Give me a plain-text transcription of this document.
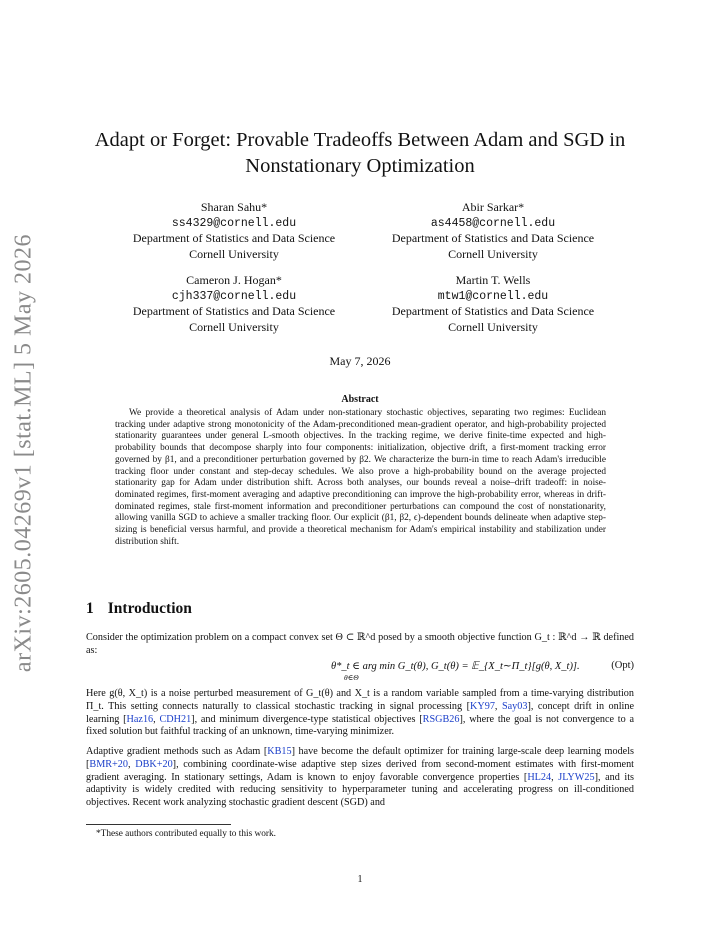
arXiv:2605.04269v1 [stat.ML] 5 May 2026
Adapt or Forget: Provable Tradeoffs Between Adam and SGD in Nonstationary Optimization
Sharan Sahu*
ss4329@cornell.edu
Department of Statistics and Data Science
Cornell University
Abir Sarkar*
as4458@cornell.edu
Department of Statistics and Data Science
Cornell University
Cameron J. Hogan*
cjh337@cornell.edu
Department of Statistics and Data Science
Cornell University
Martin T. Wells
mtw1@cornell.edu
Department of Statistics and Data Science
Cornell University
May 7, 2026
Abstract
We provide a theoretical analysis of Adam under non-stationary stochastic objectives, separating two regimes: Euclidean tracking under adaptive strong monotonicity of the Adam-preconditioned mean-gradient operator, and high-probability projected stationarity guarantees under general L-smooth objectives. In the tracking regime, we derive finite-time expected and high-probability bounds that decompose sharply into four components: initialization, objective drift, a first-moment tracking error governed by β1, and a preconditioner perturbation governed by β2. We characterize the burn-in time to reach Adam's irreducible tracking floor under constant and step-decay schedules. We also prove a high-probability bound on the average projected stationarity gap for Adam under distribution shift. Across both analyses, our bounds reveal a noise–drift tradeoff: in noise-dominated regimes, first-moment averaging and adaptive preconditioning can improve the high-probability error, whereas in drift-dominated regimes, stale first-moment information and preconditioner perturbations can compound the cost of nonstationarity, allowing vanilla SGD to achieve a smaller tracking floor. Our explicit (β1, β2, ϵ)-dependent bounds delineate when adaptive step-sizing is beneficial versus harmful, and provide a theoretical mechanism for Adam's empirical instability and stabilization under distribution shift.
1 Introduction
Consider the optimization problem on a compact convex set Θ ⊂ ℝ^d posed by a smooth objective function G_t : ℝ^d → ℝ defined as:
θ*_t ∈ arg min G_t(θ), G_t(θ) = 𝔼_{X_t∼Π_t}[g(θ, X_t)].
θ∈Θ
(Opt)
Here g(θ, X_t) is a noise perturbed measurement of G_t(θ) and X_t is a random variable sampled from a time-varying distribution Π_t. This setting connects naturally to classical stochastic tracking in signal processing [KY97, Say03], concept drift in online learning [Haz16, CDH21], and minimum divergence-type statistical objectives [RSGB26], where the goal is not convergence to a fixed solution but faithful tracking of an unknown, time-varying minimizer.
Adaptive gradient methods such as Adam [KB15] have become the default optimizer for training large-scale deep learning models [BMR+20, DBK+20], combining coordinate-wise adaptive step sizes derived from second-moment estimates with first-moment gradient averaging. In stationary settings, Adam is known to enjoy favorable convergence properties [HL24, JLYW25], and its adaptivity is widely credited with reducing sensitivity to hyperparameter tuning and accelerating progress on ill-conditioned objectives. Recent work analyzing stochastic gradient descent (SGD) and
*These authors contributed equally to this work.
1
